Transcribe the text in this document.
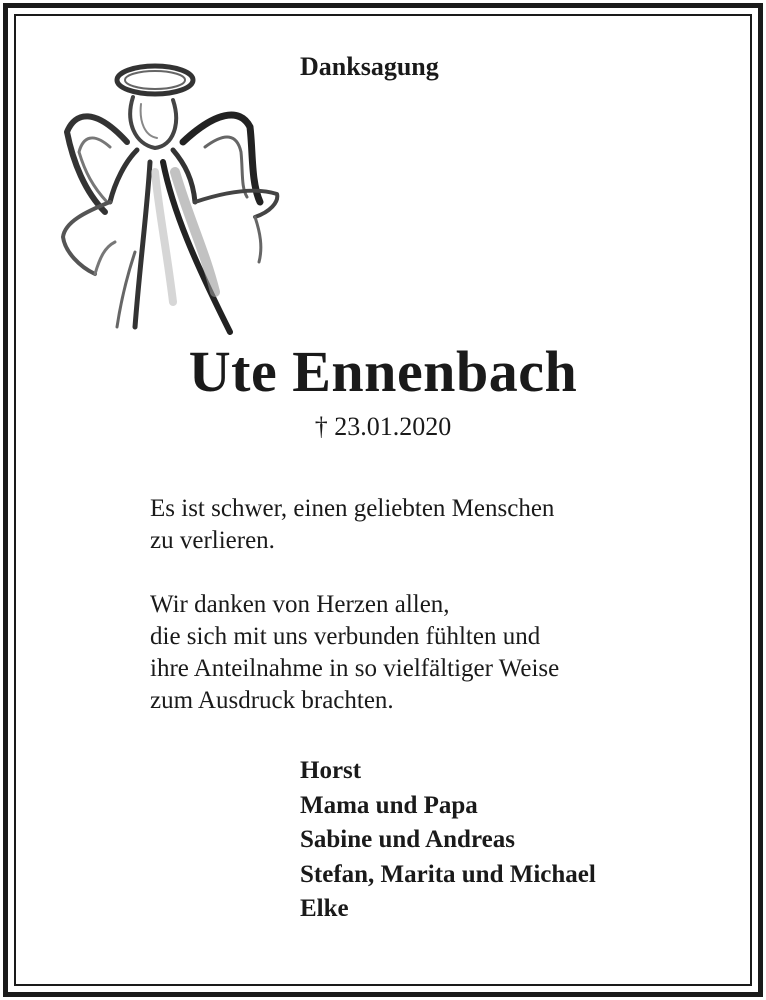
Danksagung

Ute Ennenbach

† 23.01.2020

Es ist schwer, einen geliebten Menschen
zu verlieren.
Wir danken von Herzen allen,
die sich mit uns verbunden fühlten und
ihre Anteilnahme in so vielfältiger Weise
zum Ausdruck brachten.
Horst
Mama und Papa
Sabine und Andreas
Stefan, Marita und Michael
Elke
